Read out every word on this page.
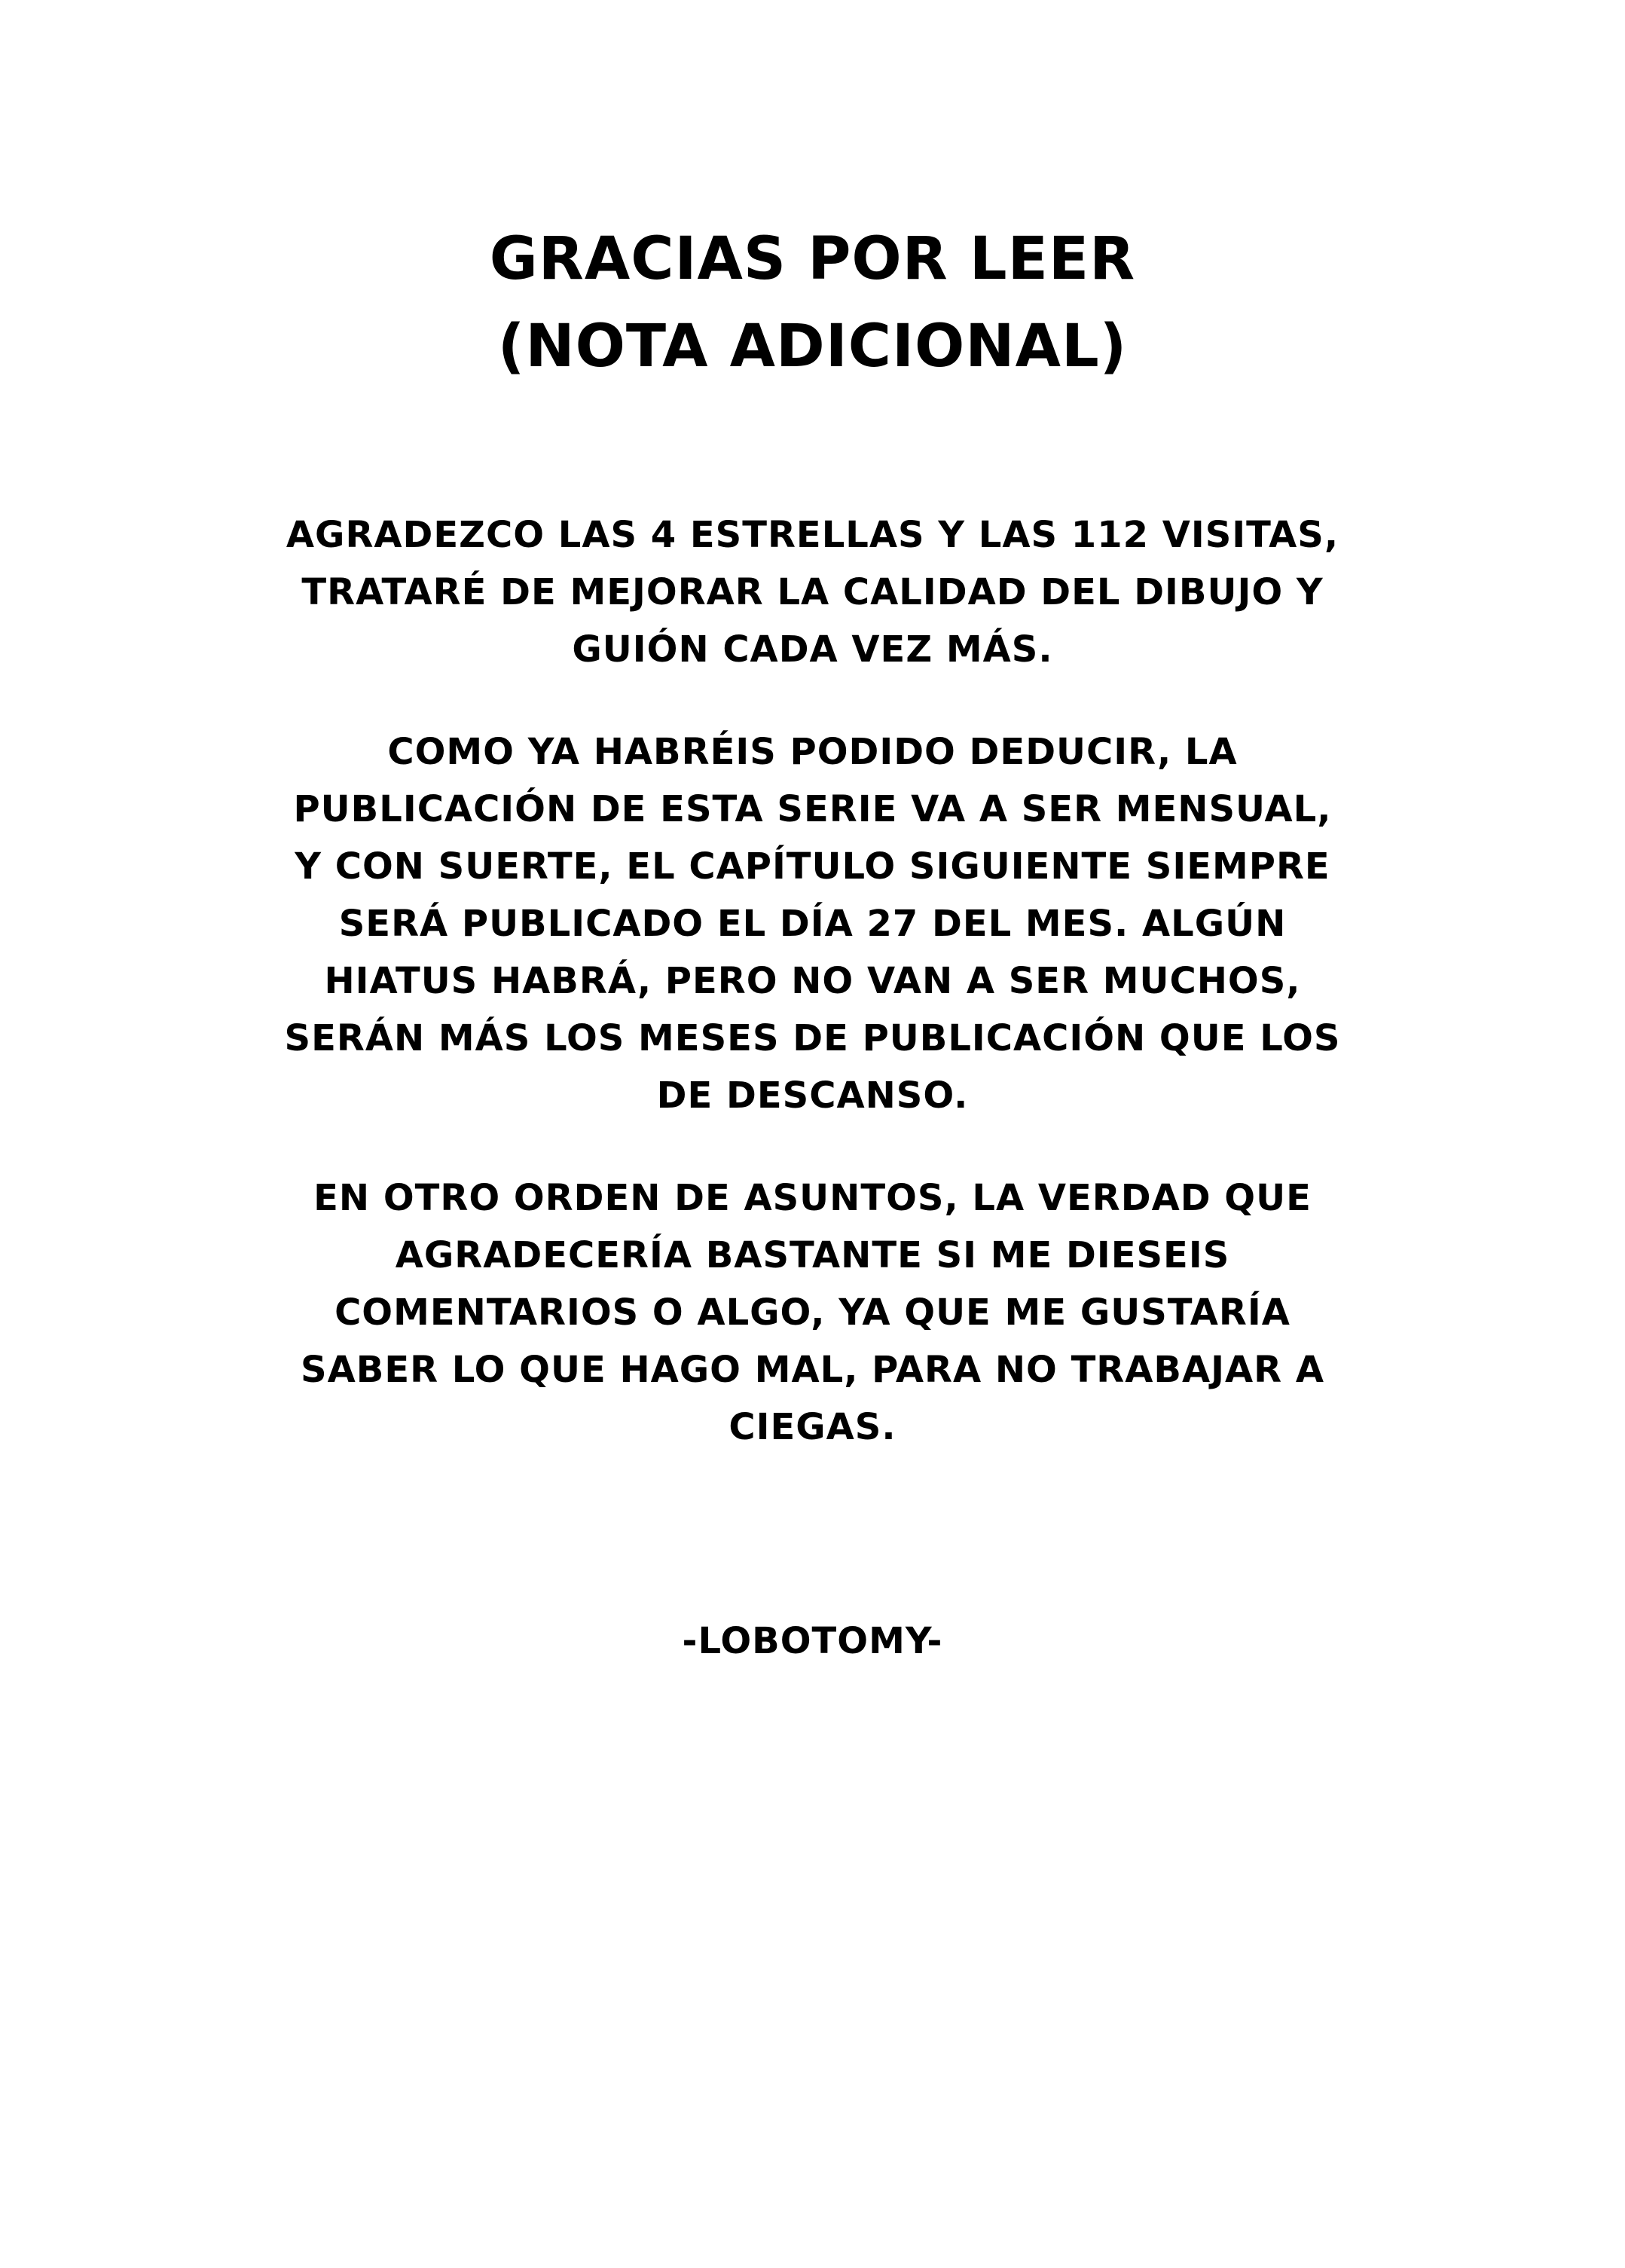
GRACIAS POR LEER
(NOTA ADICIONAL)
AGRADEZCO LAS 4 ESTRELLAS Y LAS 112 VISITAS,
TRATARÉ DE MEJORAR LA CALIDAD DEL DIBUJO Y
GUIÓN CADA VEZ MÁS.
COMO YA HABRÉIS PODIDO DEDUCIR, LA
PUBLICACIÓN DE ESTA SERIE VA A SER MENSUAL,
Y CON SUERTE, EL CAPÍTULO SIGUIENTE SIEMPRE
SERÁ PUBLICADO EL DÍA 27 DEL MES. ALGÚN
HIATUS HABRÁ, PERO NO VAN A SER MUCHOS,
SERÁN MÁS LOS MESES DE PUBLICACIÓN QUE LOS
DE DESCANSO.
EN OTRO ORDEN DE ASUNTOS, LA VERDAD QUE
AGRADECERÍA BASTANTE SI ME DIESEIS
COMENTARIOS O ALGO, YA QUE ME GUSTARÍA
SABER LO QUE HAGO MAL, PARA NO TRABAJAR A
CIEGAS.
-LOBOTOMY-
